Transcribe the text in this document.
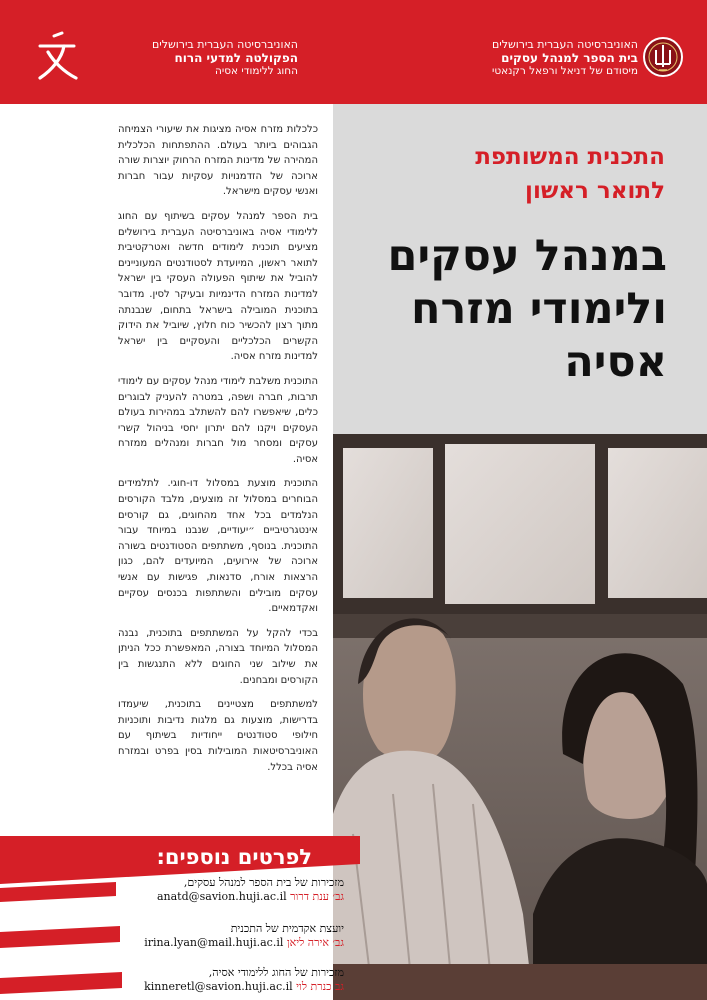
האוניברסיטה העברית בירושלים
הפקולטה למדעי הרוח
החוג ללימודי אסיה
האוניברסיטה העברית בירושלים
בית הספר למנהל עסקים
מיסודם של דניאל ורפאל רקנאטי
התכנית המשותפת
לתואר ראשון
במנהל עסקים
ולימודי מזרח
אסיה

כלכלות מזרח אסיה מציגות את שיעורי הצמיחה הגבוהים ביותר בעולם. ההתפתחות הכלכלית המהירה של מדינות המזרח הרחוק יוצרות שורה ארוכה של הזדמנויות עסקיות עבור חברות ואנשי עסקים מישראל.

בית הספר למנהל עסקים בשיתוף עם החוג ללימודי אסיה באוניברסיטה העברית בירושלים מציעים תוכנית לימודים חדשה ואטרקטיבית לתואר ראשון, המיועדת לסטודנטים המעוניינים להוביל את שיתוף הפעולה העסקי בין ישראל למדינות המזרח הדינמיות ובעיקר לסין. מדובר בתוכנית המובילה בישראל בתחום, שנבנתה מתוך רצון להכשיר כוח חלוץ, שיוביל את הידוק הקשרים הכלכליים והעסקיים בין ישראל למדינות מזרח אסיה.

התוכנית משלבת לימודי מנהל עסקים עם לימודי תרבות, חברה ושפה, במטרה להעניק לבוגרים כלים, שיאפשרו להם להשתלב במהירות בעולם העסקים ויקנו להם יתרון יחסי בניהול קשרי עסקים ומסחר מול חברות ומנהלים ממזרח אסיה.

התוכנית מוצעת במסלול דו-חוגי. לתלמידים הבוחרים במסלול זה מוצעים, מלבד הקורסים הנלמדים בכל אחד מהחוגים, גם קורסים אינטגרטיביים ״יעודיים, שנבנו במיוחד עבור התוכנית. בנוסף, משתתפים הסטודנטים בשורה ארוכה של אירועים, המיועדים להם, כגון הרצאות אורח, סדנאות, פגישות עם אנשי עסקים מובילים והשתתפות בכנסים עסקיים ואקדמאיים.

בכדי להקל על המשתתפים בתוכנית, נבנה המסלול המיוחד בצורה, המאפשרת ככל הניתן את שילוב שני החוגים ללא התנגשות בין הקורסים ומבחנים.

למשתתפים מצטיינים בתוכנית, שיעמדו בדרישות, מוצעות גם מלגות נדיבות ותוכניות חילופי סטודנטים ייחודיות בשיתוף עם האוניברסיטאות המובילות בסין בפרט ובמזרח אסיה בכלל.

לפרטים נוספים:
מזכירות של בית הספר למנהל עסקים,
גב׳ ענת דרור anatd@savion.huji.ac.il
יועצת אקדמית של התכנית
גב׳ אירה ליאן irina.lyan@mail.huji.ac.il
מזכירות של החוג ללימודי אסיה,
גב כנרת לוי kinneretl@savion.huji.ac.il
